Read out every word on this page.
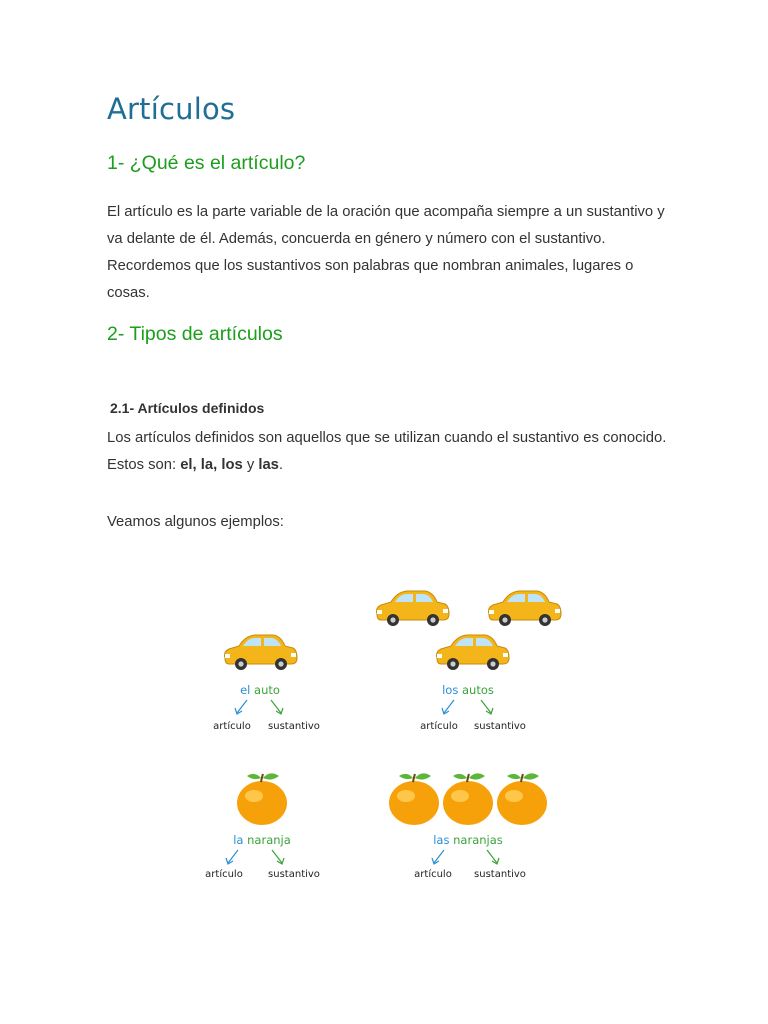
Artículos
1- ¿Qué es el artículo?
El artículo es la parte variable de la oración que acompaña siempre a un sustantivo y
va delante de él. Además, concuerda en género y número con el sustantivo.
Recordemos que los sustantivos son palabras que nombran animales, lugares o
cosas.
2- Tipos de artículos
2.1- Artículos definidos
Los artículos definidos son aquellos que se utilizan cuando el sustantivo es conocido.
Estos son: el, la, los y las.
Veamos algunos ejemplos:
el auto
artículo sustantivo
los autos
artículo sustantivo
la naranja
artículo	sustantivo
las naranjas
artículo sustantivo
